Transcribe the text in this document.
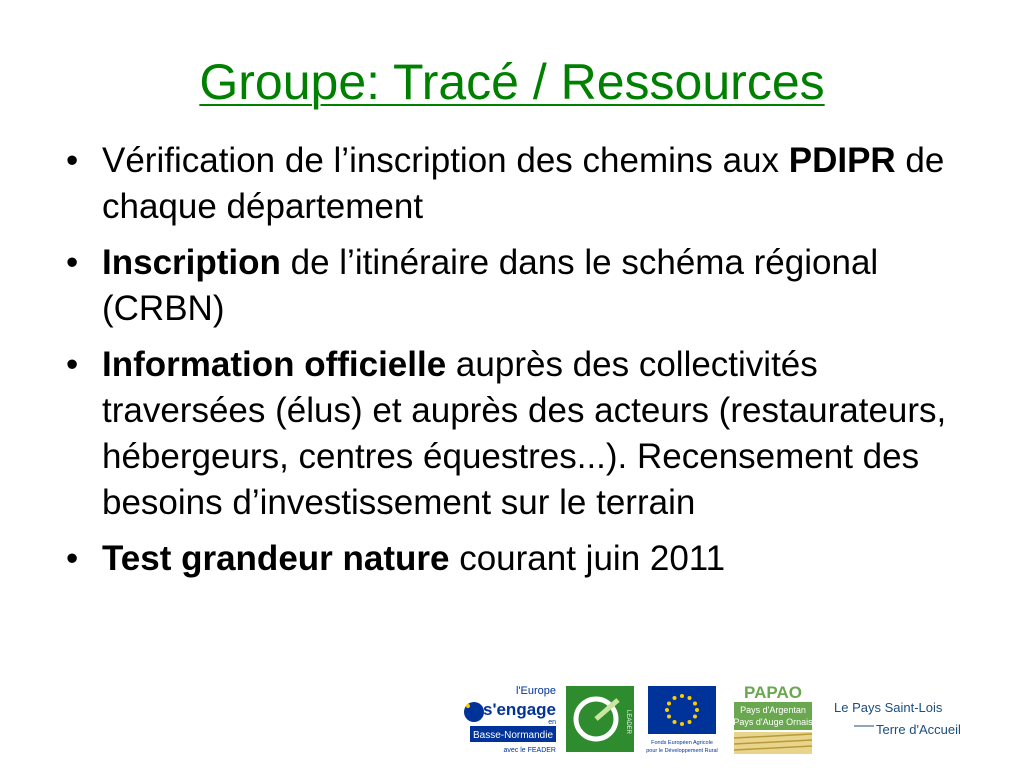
Groupe: Tracé / Ressources
• Vérification de l’inscription des chemins aux PDIPR de chaque département
• Inscription de l’itinéraire dans le schéma régional (CRBN)
• Information officielle auprès des collectivités traversées (élus) et auprès des acteurs (restaurateurs, hébergeurs, centres équestres...). Recensement des besoins d’investissement sur le terrain
• Test grandeur nature courant juin 2011
l'Europe
s'engage
en
Basse-Normandie
avec le FEADER
LEADER
Fonds Européen Agricole
pour le Développement Rural
PAPAO
Pays d'Argentan
Pays d'Auge Ornais
Le Pays Saint-Lois
Terre d'Accueil
